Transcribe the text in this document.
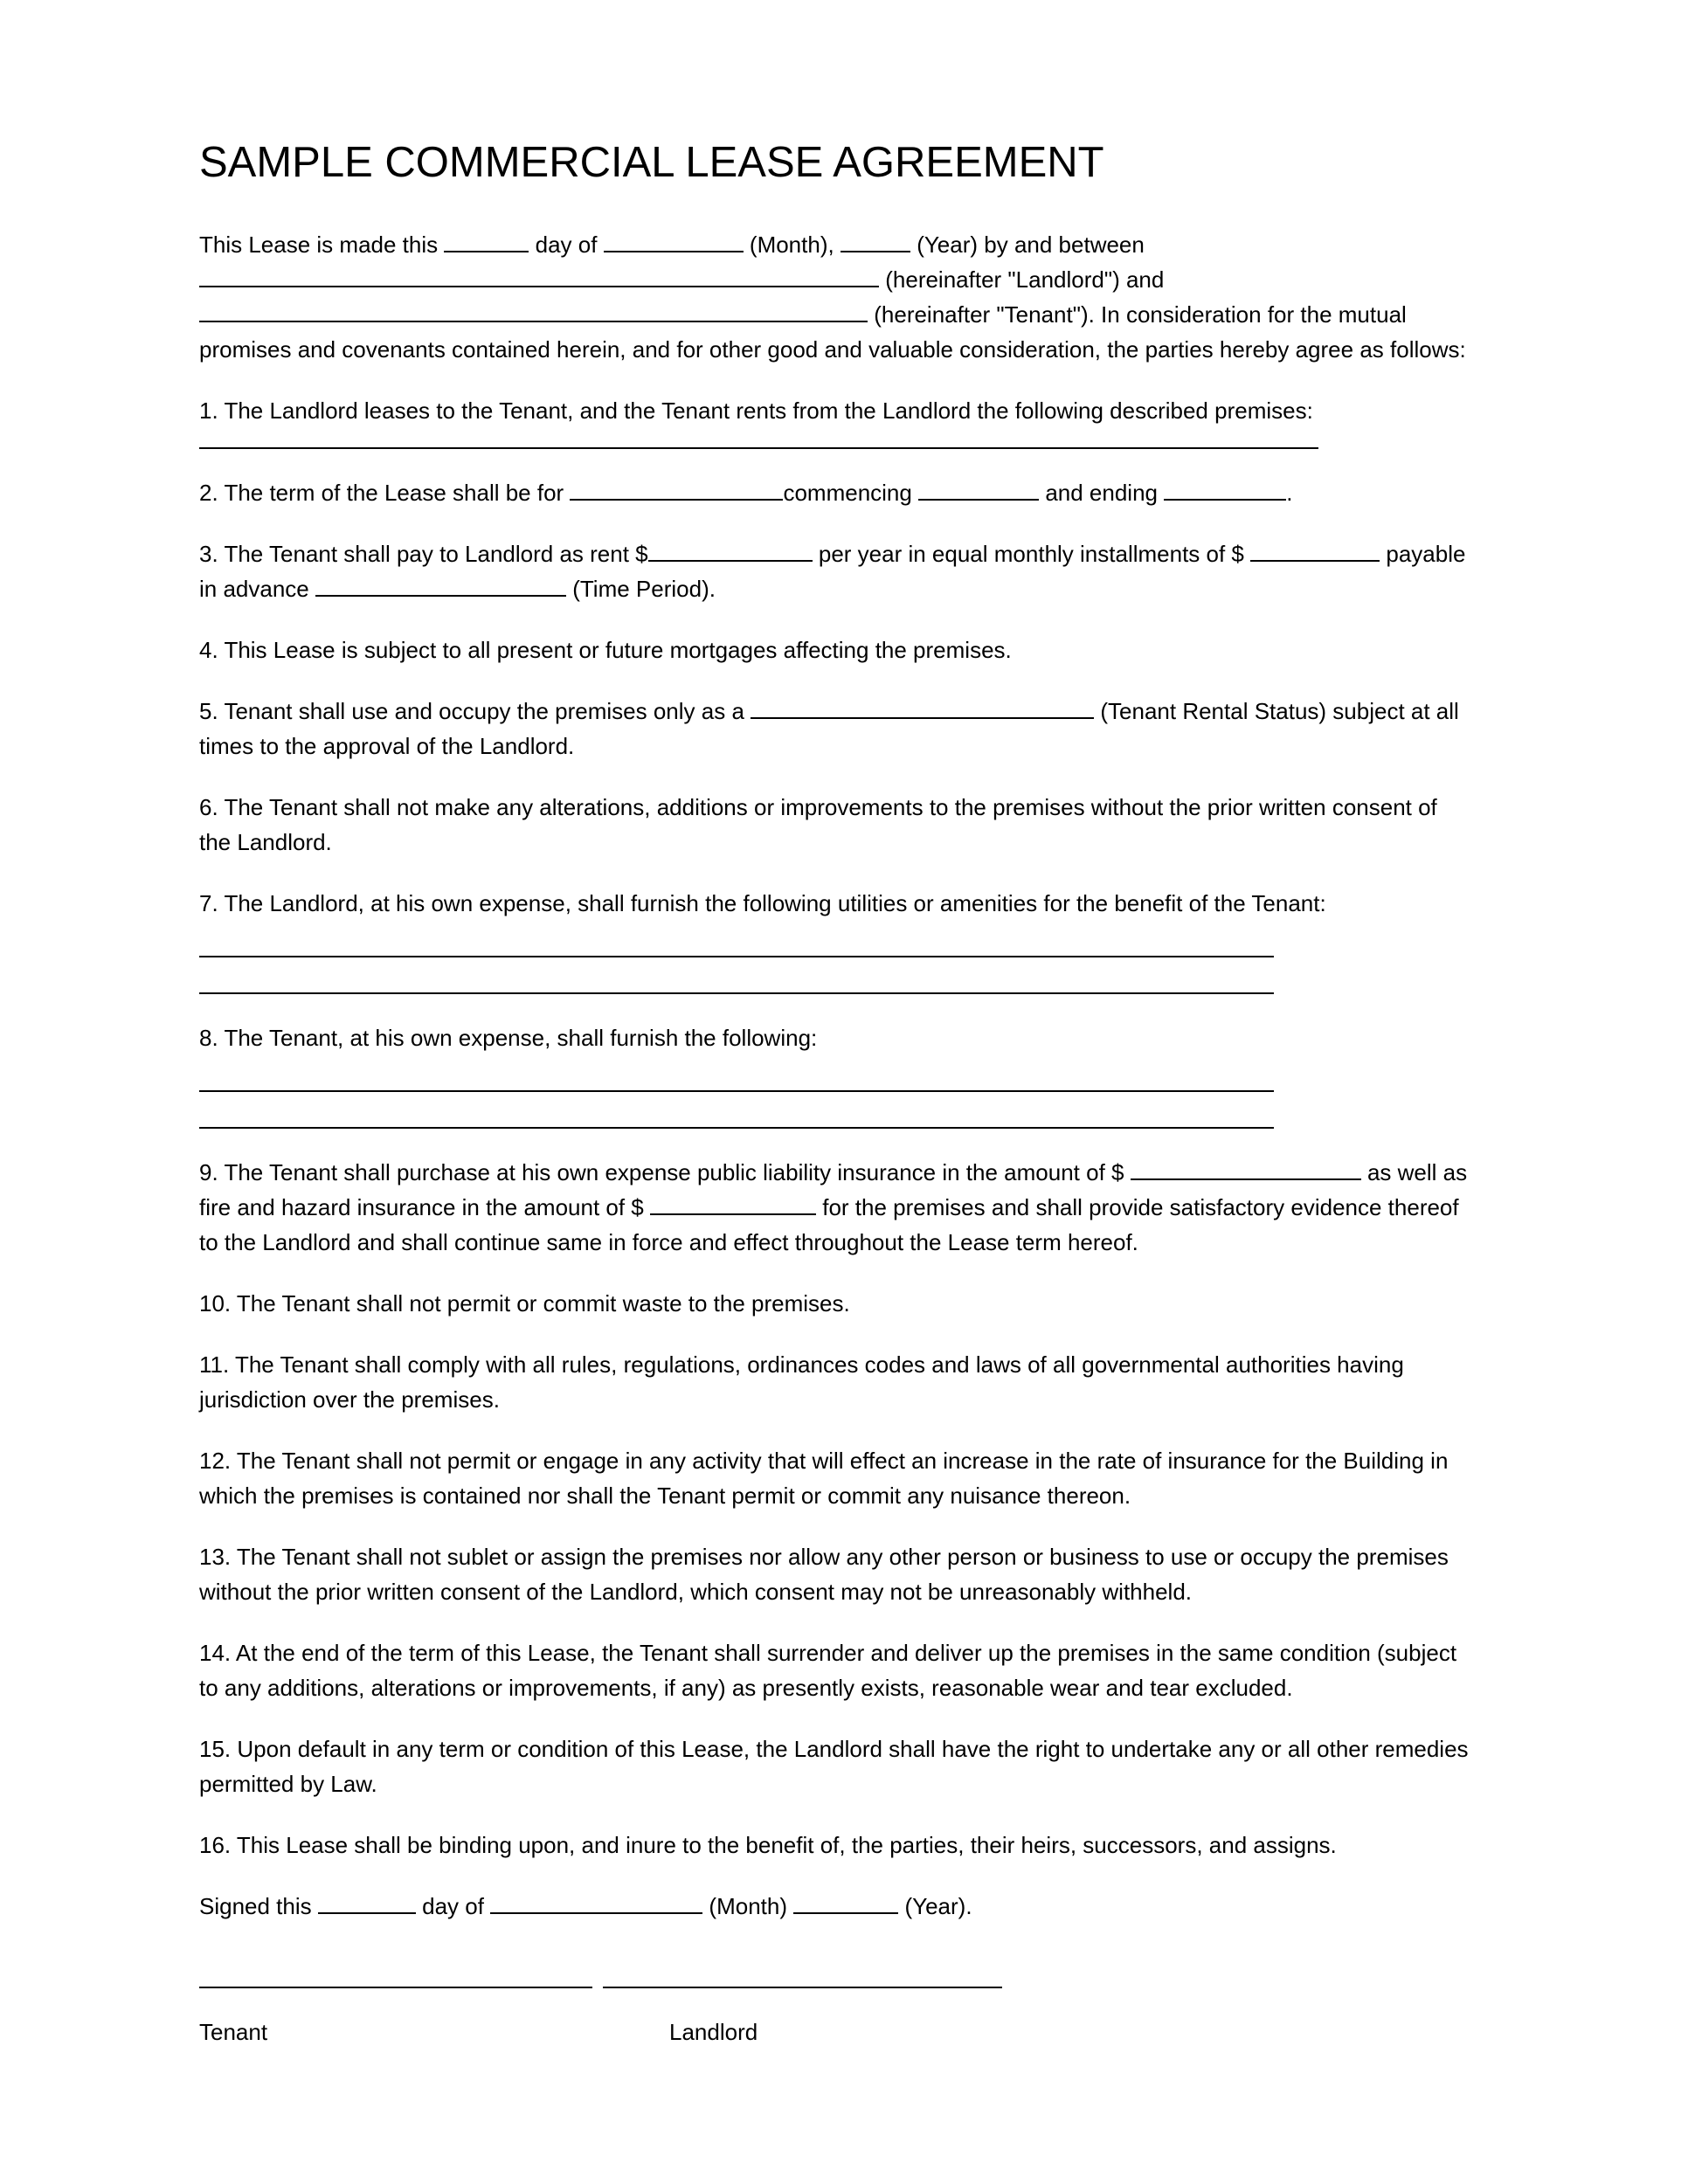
SAMPLE COMMERCIAL LEASE AGREEMENT

This Lease is made this	day of	(Month),	(Year) by and between  (hereinafter "Landlord") and  (hereinafter "Tenant"). In consideration for the mutual promises and covenants contained herein, and for other good and valuable consideration, the parties hereby agree as follows:

1. The Landlord leases to the Tenant, and the Tenant rents from the Landlord the following described premises:

2. The term of the Lease shall be for	commencing	and ending	.

3. The Tenant shall pay to Landlord as rent $	per year in equal monthly installments of $	payable in advance	(Time Period).

4. This Lease is subject to all present or future mortgages affecting the premises.

5. Tenant shall use and occupy the premises only as a	(Tenant Rental Status) subject at all times to the approval of the Landlord.

6. The Tenant shall not make any alterations, additions or improvements to the premises without the prior written consent of the Landlord.

7. The Landlord, at his own expense, shall furnish the following utilities or amenities for the benefit of the Tenant:

8. The Tenant, at his own expense, shall furnish the following:

9. The Tenant shall purchase at his own expense public liability insurance in the amount of $	as well as fire and hazard insurance in the amount of $	for the premises and shall provide satisfactory evidence thereof to the Landlord and shall continue same in force and effect throughout the Lease term hereof.

10. The Tenant shall not permit or commit waste to the premises.

11. The Tenant shall comply with all rules, regulations, ordinances codes and laws of all governmental authorities having jurisdiction over the premises.

12. The Tenant shall not permit or engage in any activity that will effect an increase in the rate of insurance for the Building in which the premises is contained nor shall the Tenant permit or commit any nuisance thereon.

13. The Tenant shall not sublet or assign the premises nor allow any other person or business to use or occupy the premises without the prior written consent of the Landlord, which consent may not be unreasonably withheld.

14. At the end of the term of this Lease, the Tenant shall surrender and deliver up the premises in the same condition (subject to any additions, alterations or improvements, if any) as presently exists, reasonable wear and tear excluded.

15. Upon default in any term or condition of this Lease, the Landlord shall have the right to undertake any or all other remedies permitted by Law.

16. This Lease shall be binding upon, and inure to the benefit of, the parties, their heirs, successors, and assigns.

Signed this	day of	(Month)	(Year).

Tenant	Landlord
